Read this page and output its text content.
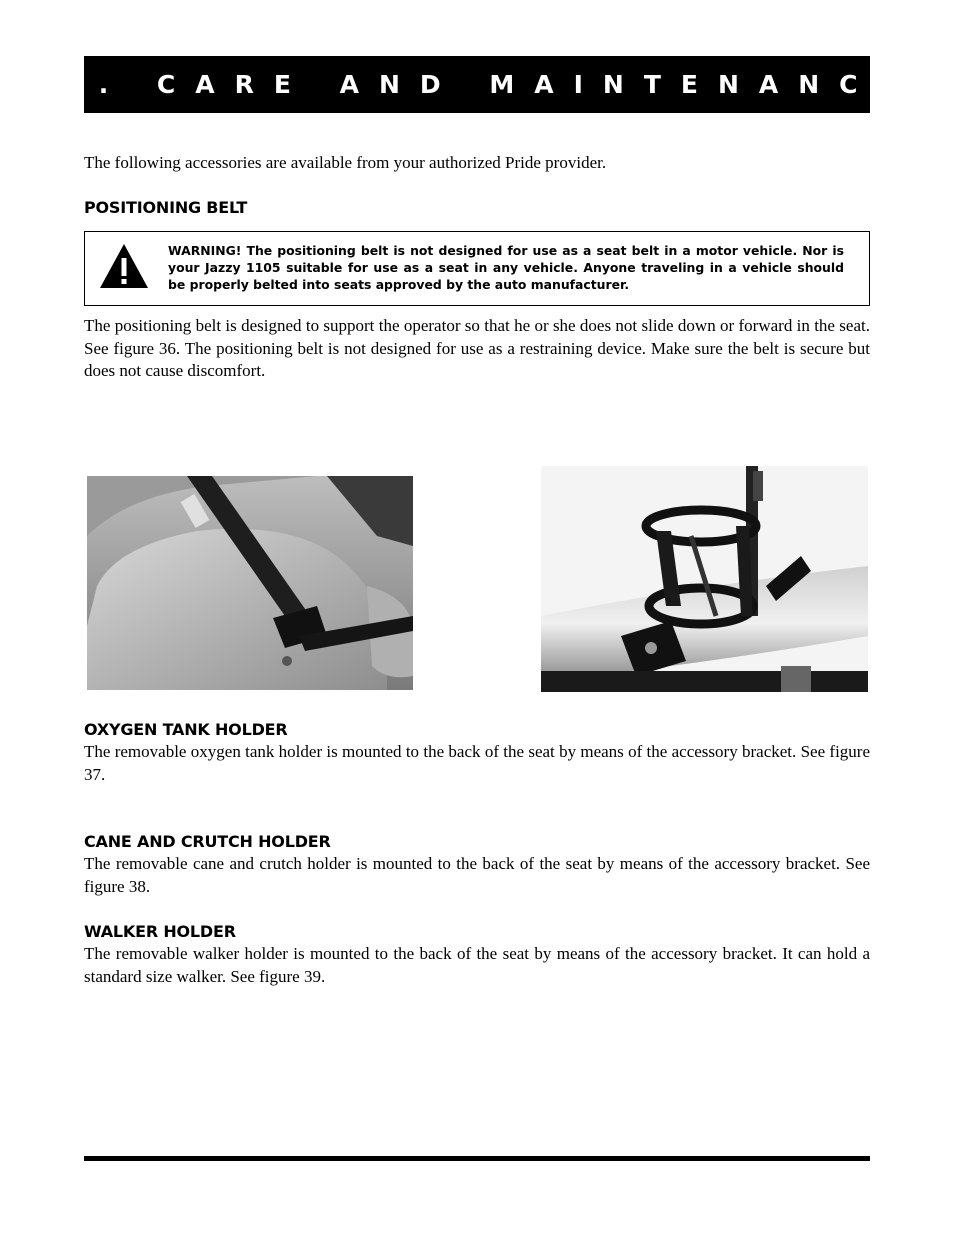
X. CARE AND MAINTENANCE

The following accessories are available from your authorized Pride provider.

POSITIONING BELT

WARNING! The positioning belt is not designed for use as a seat belt in a motor vehicle. Nor is your Jazzy 1105 suitable for use as a seat in any vehicle. Anyone traveling in a vehicle should be properly belted into seats approved by the auto manufacturer.

The positioning belt is designed to support the operator so that he or she does not slide down or forward in the seat. See figure 36. The positioning belt is not designed for use as a restraining device. Make sure the belt is secure but does not cause discomfort.

OXYGEN TANK HOLDER

The removable oxygen tank holder is mounted to the back of the seat by means of the accessory bracket. See figure 37.

CANE AND CRUTCH HOLDER

The removable cane and crutch holder is mounted to the back of the seat by means of the accessory bracket. See figure 38.

WALKER HOLDER

The removable walker holder is mounted to the back of the seat by means of the accessory bracket. It can hold a standard size walker. See figure 39.
